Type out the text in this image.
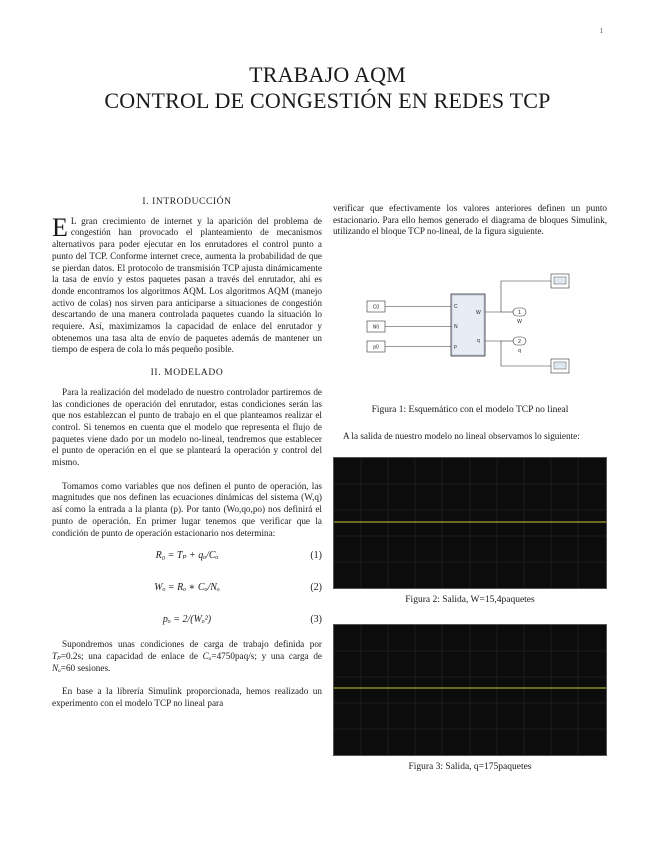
1
TRABAJO AQM
CONTROL DE CONGESTIÓN EN REDES TCP
I. INTRODUCCIÓN

E L gran crecimiento de internet y la aparición del problema de congestión han provocado el planteamiento de mecanismos alternativos para poder ejecutar en los enrutadores el control punto a punto del TCP. Conforme internet crece, aumenta la probabilidad de que se pierdan datos. El protocolo de transmisión TCP ajusta dinámicamente la tasa de envío y estos paquetes pasan a través del enrutador, ahí es donde encontramos los algoritmos AQM. Los algoritmos AQM (manejo activo de colas) nos sirven para anticiparse a situaciones de congestión descartando de una manera controlada paquetes cuando la situación lo requiere. Así, maximizamos la capacidad de enlace del enrutador y obtenemos una tasa alta de envío de paquetes además de mantener un tiempo de espera de cola lo más pequeño posible.

II. MODELADO

Para la realización del modelado de nuestro controlador partiremos de las condiciones de operación del enrutador, estas condiciones serán las que nos establezcan el punto de trabajo en el que planteamos realizar el control. Si tenemos en cuenta que el modelo que representa el flujo de paquetes viene dado por un modelo no-lineal, tendremos que establecer el punto de operación en el que se planteará la operación y control del mismo.

Tomamos como variables que nos definen el punto de operación, las magnitudes que nos definen las ecuaciones dinámicas del sistema (W,q) así como la entrada a la planta (p). Por tanto (Wo,qo,po) nos definirá el punto de operación. En primer lugar tenemos que verificar que la condición de punto de operación estacionario nos determina:

R₀ = Tₚ + qₒ/Cₒ	(1)
Wₒ = Rₒ ∗ Cₒ/Nₒ	(2)
pₒ = 2/(Wₒ²)	(3)

Supondremos unas condiciones de carga de trabajo definida por Tₚ=0.2s; una capacidad de enlace de Cₒ=4750paq/s; y una carga de Nₒ=60 sesiones.

En base a la librería Simulink proporcionada, hemos realizado un experimento con el modelo TCP no lineal para

verificar que efectivamente los valores anteriores definen un punto estacionario. Para ello hemos generado el diagrama de bloques Simulink, utilizando el bloque TCP no-lineal, de la figura siguiente.

C0
N0
p0
C
N
p
W
q
1
W
2
q
Figura 1: Esquemático con el modelo TCP no lineal

A la salida de nuestro modelo no lineal observamos lo siguiente:

Figura 2: Salida, W=15,4paquetes
Figura 3: Salida, q=175paquetes
